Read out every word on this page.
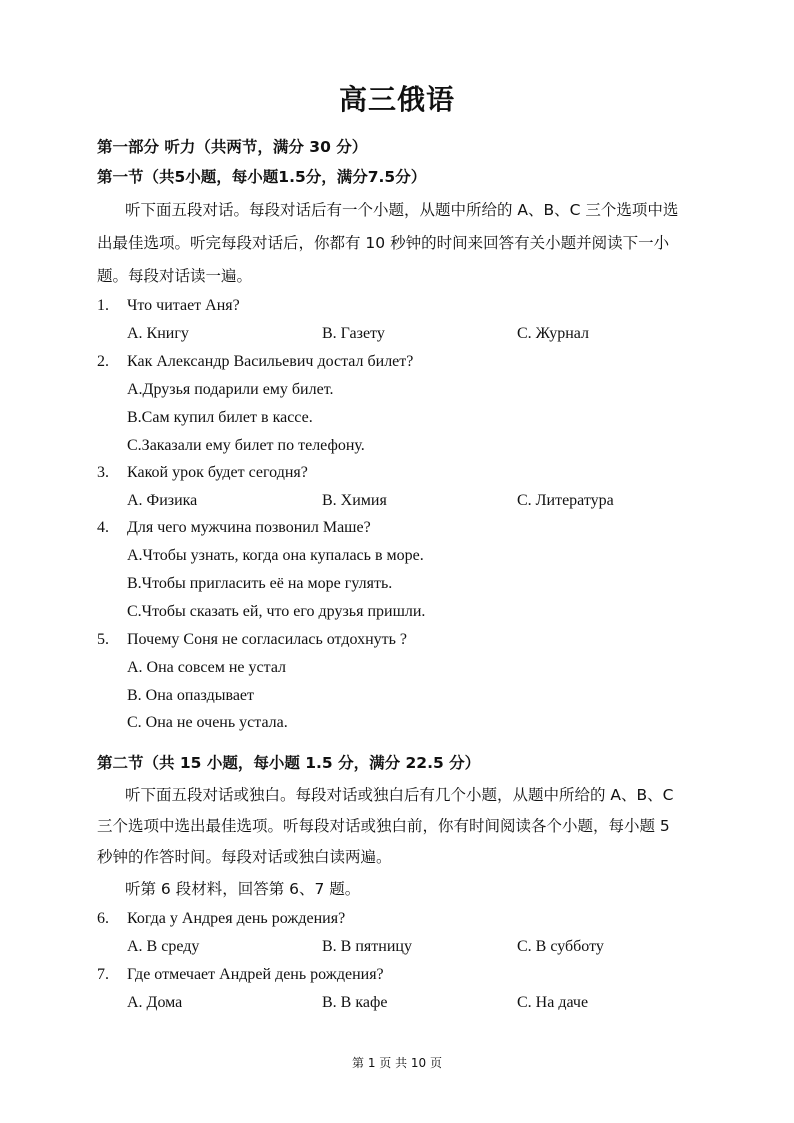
高三俄语
第一部分 听力（共两节，满分 30 分）
第一节（共5小题，每小题1.5分，满分7.5分）
听下面五段对话。每段对话后有一个小题，从题中所给的 A、B、C 三个选项中选
出最佳选项。听完每段对话后，你都有 10 秒钟的时间来回答有关小题并阅读下一小
题。每段对话读一遍。
1.	Что читает Аня?
A. Книгу	B. Газету	C. Журнал
2.	Как Александр Васильевич достал билет?
A.Друзья подарили ему билет.
B.Сам купил билет в кассе.
C.Заказали ему билет по телефону.
3.	Какой урок будет сегодня?
A. Физика	B. Химия	C. Литература
4.	Для чего мужчина позвонил Маше?
A.Чтобы узнать, когда она купалась в море.
B.Чтобы пригласить её на море гулять.
C.Чтобы сказать ей, что его друзья пришли.
5.	Почему Соня не согласилась отдохнуть ?
A. Она совсем не устал
B. Она опаздывает
C. Она не очень устала.
第二节（共 15 小题，每小题 1.5 分，满分 22.5 分）
听下面五段对话或独白。每段对话或独白后有几个小题，从题中所给的 A、B、C
三个选项中选出最佳选项。听每段对话或独白前，你有时间阅读各个小题，每小题 5
秒钟的作答时间。每段对话或独白读两遍。
听第 6 段材料，回答第 6、7 题。
6.	Когда у Андрея день рождения?
A. В среду	B. В пятницу	C. В субботу
7.	Где отмечает Андрей день рождения?
A. Дома	B. В кафе	C. На даче
第 1 页 共 10 页
